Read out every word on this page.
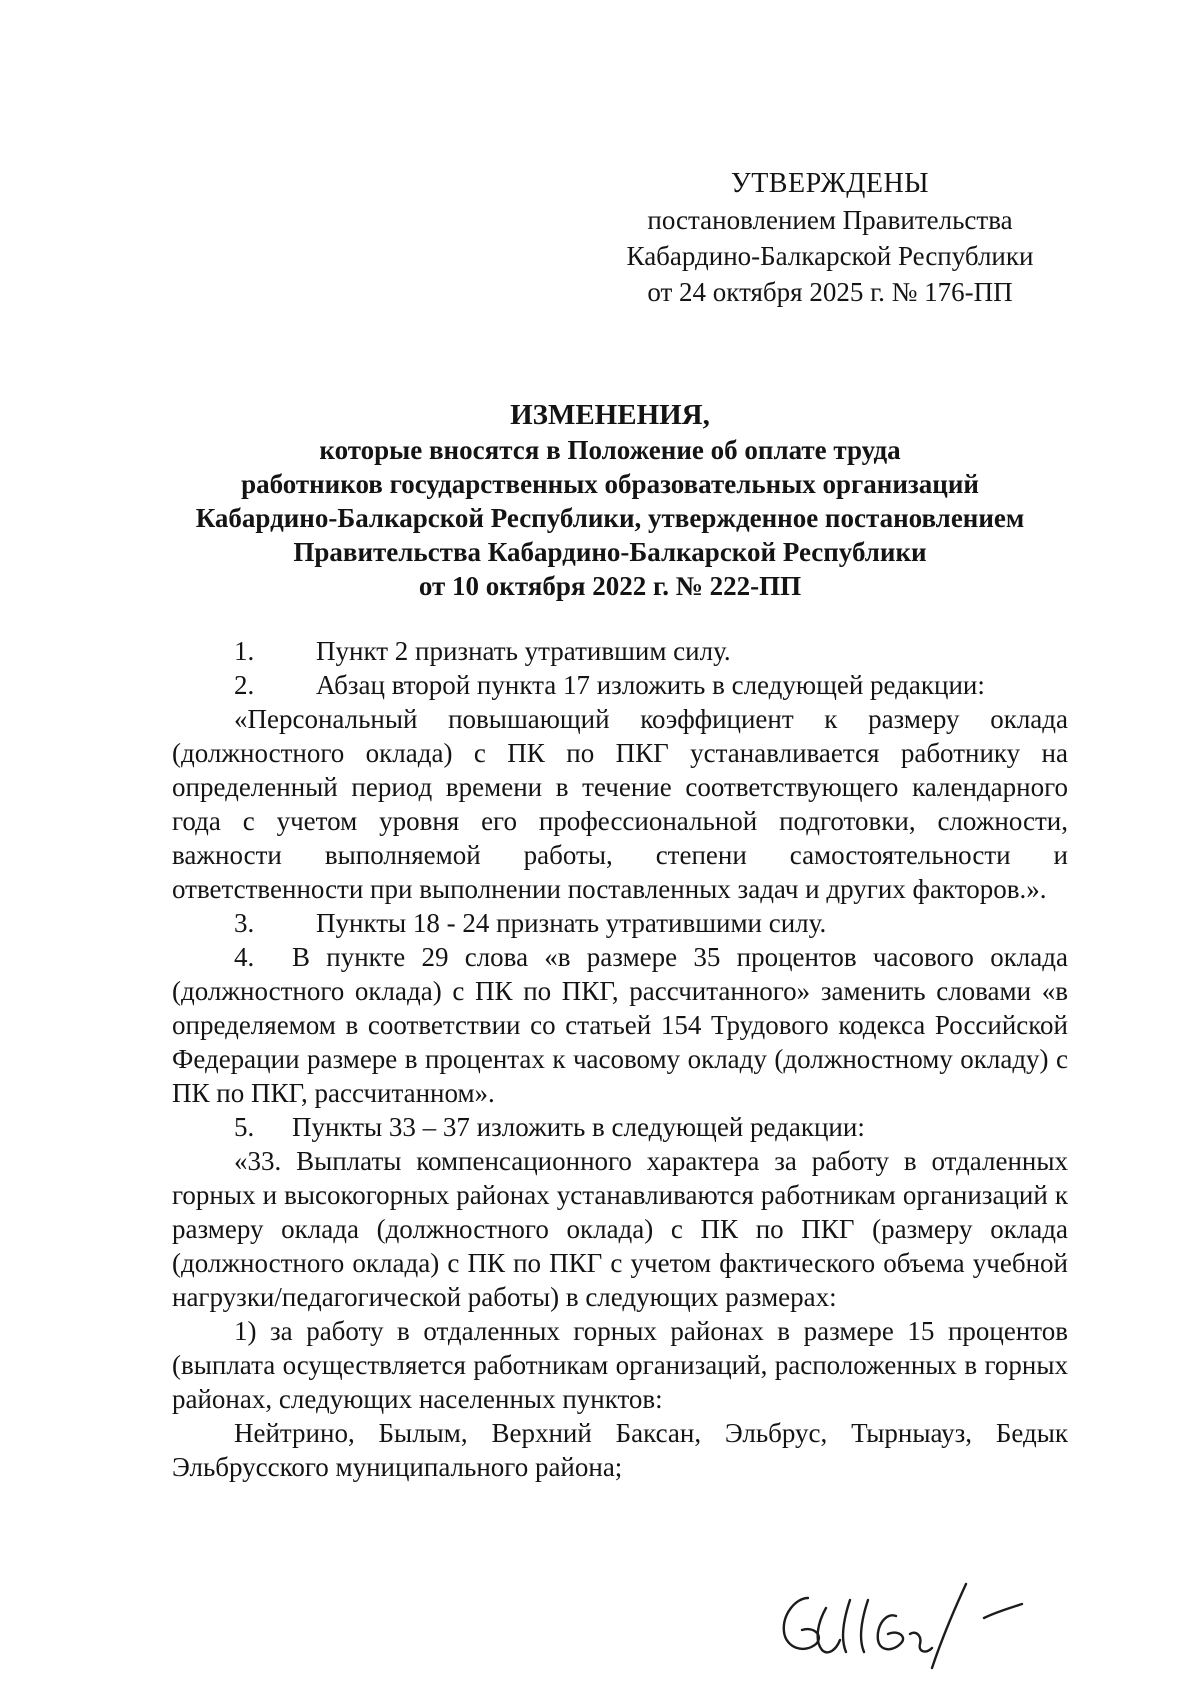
УТВЕРЖДЕНЫ
постановлением Правительства
Кабардино-Балкарской Республики
от 24 октября 2025 г. № 176-ПП
ИЗМЕНЕНИЯ,
которые вносятся в Положение об оплате труда
работников государственных образовательных организаций
Кабардино-Балкарской Республики, утвержденное постановлением
Правительства Кабардино-Балкарской Республики
от 10 октября 2022 г. № 222-ПП

1. Пункт 2 признать утратившим силу.

2. Абзац второй пункта 17 изложить в следующей редакции:

«Персональный повышающий коэффициент к размеру оклада (должностного оклада) с ПК по ПКГ устанавливается работнику на определенный период времени в течение соответствующего календарного года с учетом уровня его профессиональной подготовки, сложности, важности выполняемой работы, степени самостоятельности и ответственности при выполнении поставленных задач и других факторов.».

3. Пункты 18 - 24 признать утратившими силу.

4. В пункте 29 слова «в размере 35 процентов часового оклада (должностного оклада) с ПК по ПКГ, рассчитанного» заменить словами «в определяемом в соответствии со статьей 154 Трудового кодекса Российской Федерации размере в процентах к часовому окладу (должностному окладу) с ПК по ПКГ, рассчитанном».

5. Пункты 33 – 37 изложить в следующей редакции:

«33. Выплаты компенсационного характера за работу в отдаленных горных и высокогорных районах устанавливаются работникам организаций к размеру оклада (должностного оклада) с ПК по ПКГ (размеру оклада (должностного оклада) с ПК по ПКГ с учетом фактического объема учебной нагрузки/педагогической работы) в следующих размерах:

1) за работу в отдаленных горных районах в размере 15 процентов (выплата осуществляется работникам организаций, расположенных в горных районах, следующих населенных пунктов:

Нейтрино, Былым, Верхний Баксан, Эльбрус, Тырныауз, Бедык Эльбрусского муниципального района;
